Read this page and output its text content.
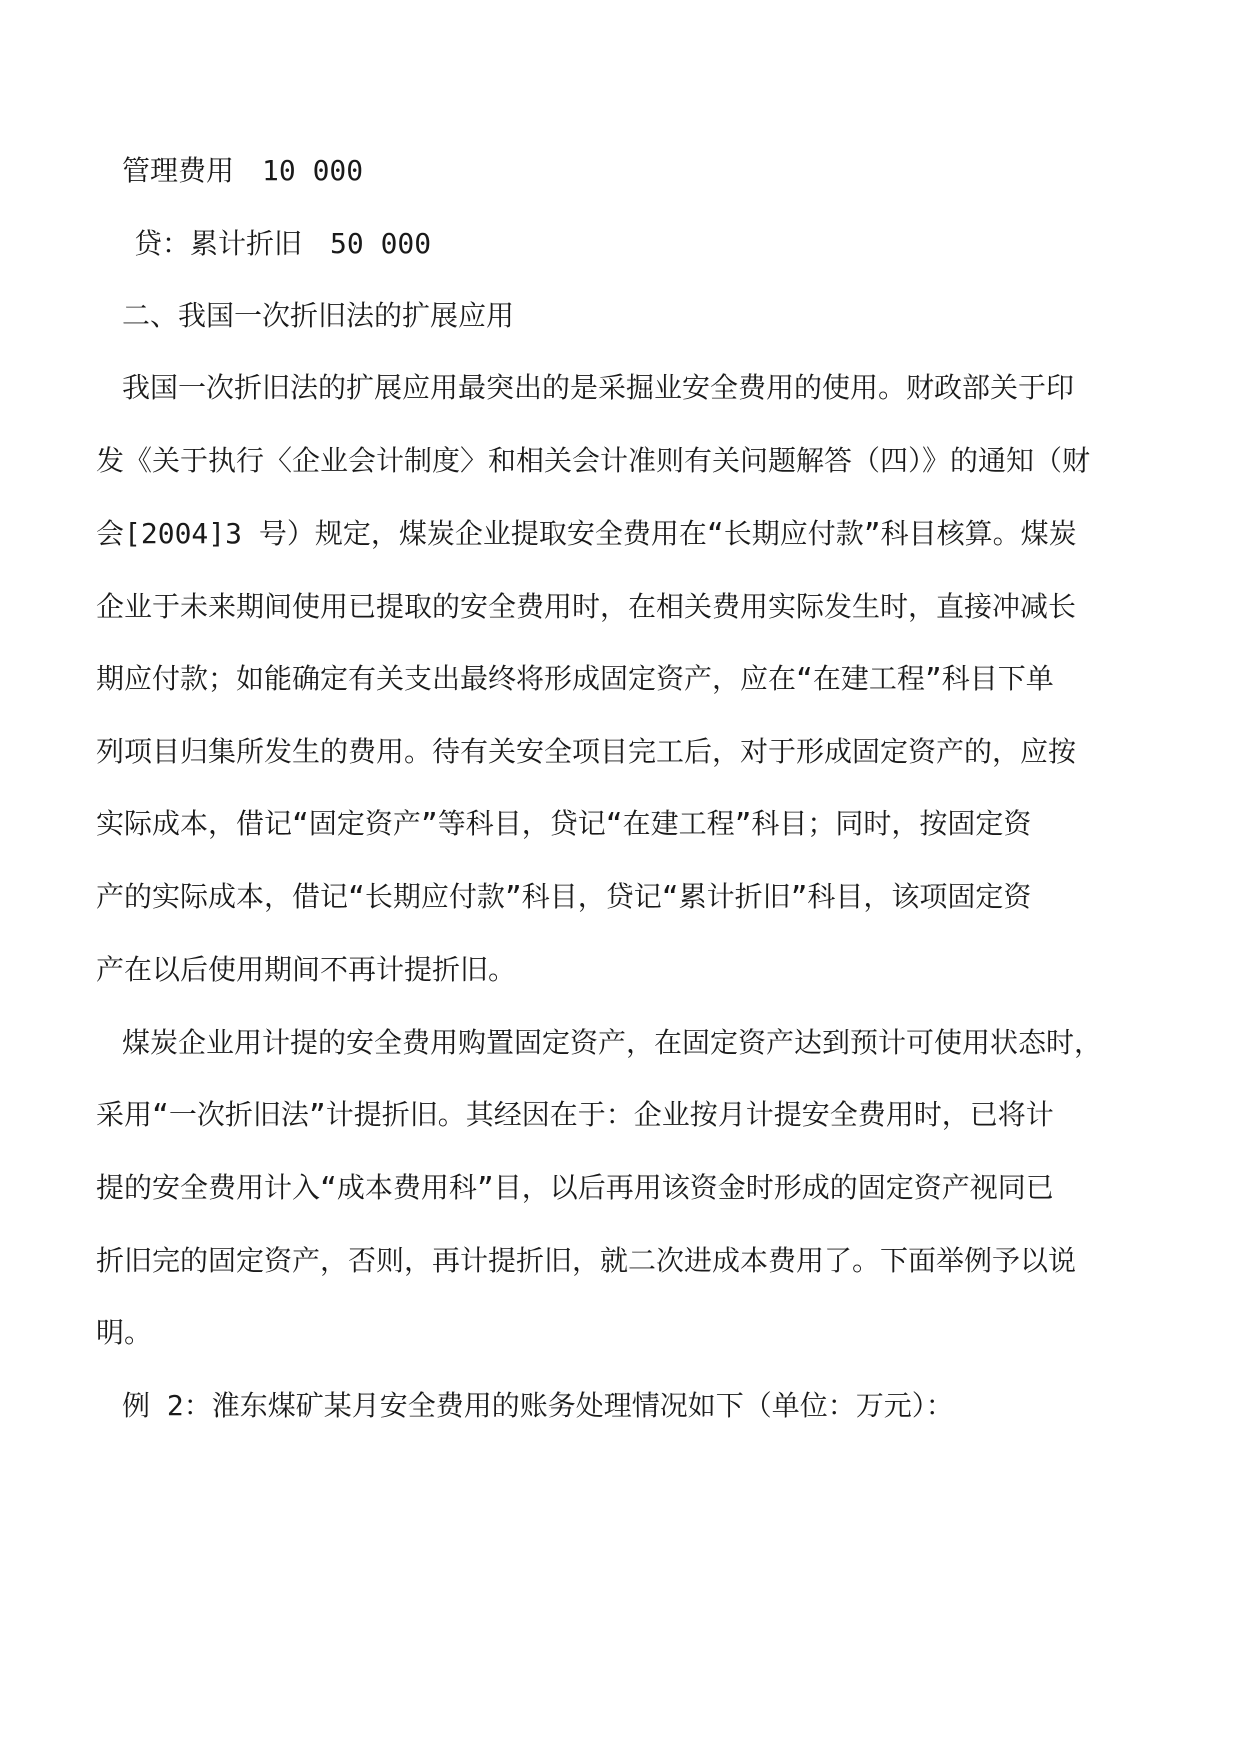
管理费用　10 000

贷：累计折旧　50 000

二、我国一次折旧法的扩展应用

我国一次折旧法的扩展应用最突出的是采掘业安全费用的使用。财政部关于印

发《关于执行〈企业会计制度〉和相关会计准则有关问题解答（四）》的通知（财

会[2004]3 号）规定，煤炭企业提取安全费用在“长期应付款”科目核算。煤炭

企业于未来期间使用已提取的安全费用时，在相关费用实际发生时，直接冲减长

期应付款；如能确定有关支出最终将形成固定资产，应在“在建工程”科目下单

列项目归集所发生的费用。待有关安全项目完工后，对于形成固定资产的，应按

实际成本，借记“固定资产”等科目，贷记“在建工程”科目；同时，按固定资

产的实际成本，借记“长期应付款”科目，贷记“累计折旧”科目，该项固定资

产在以后使用期间不再计提折旧。

煤炭企业用计提的安全费用购置固定资产，在固定资产达到预计可使用状态时，

采用“一次折旧法”计提折旧。其经因在于：企业按月计提安全费用时，已将计

提的安全费用计入“成本费用科”目，以后再用该资金时形成的固定资产视同已

折旧完的固定资产，否则，再计提折旧，就二次进成本费用了。下面举例予以说

明。

例 2：淮东煤矿某月安全费用的账务处理情况如下（单位：万元）：
